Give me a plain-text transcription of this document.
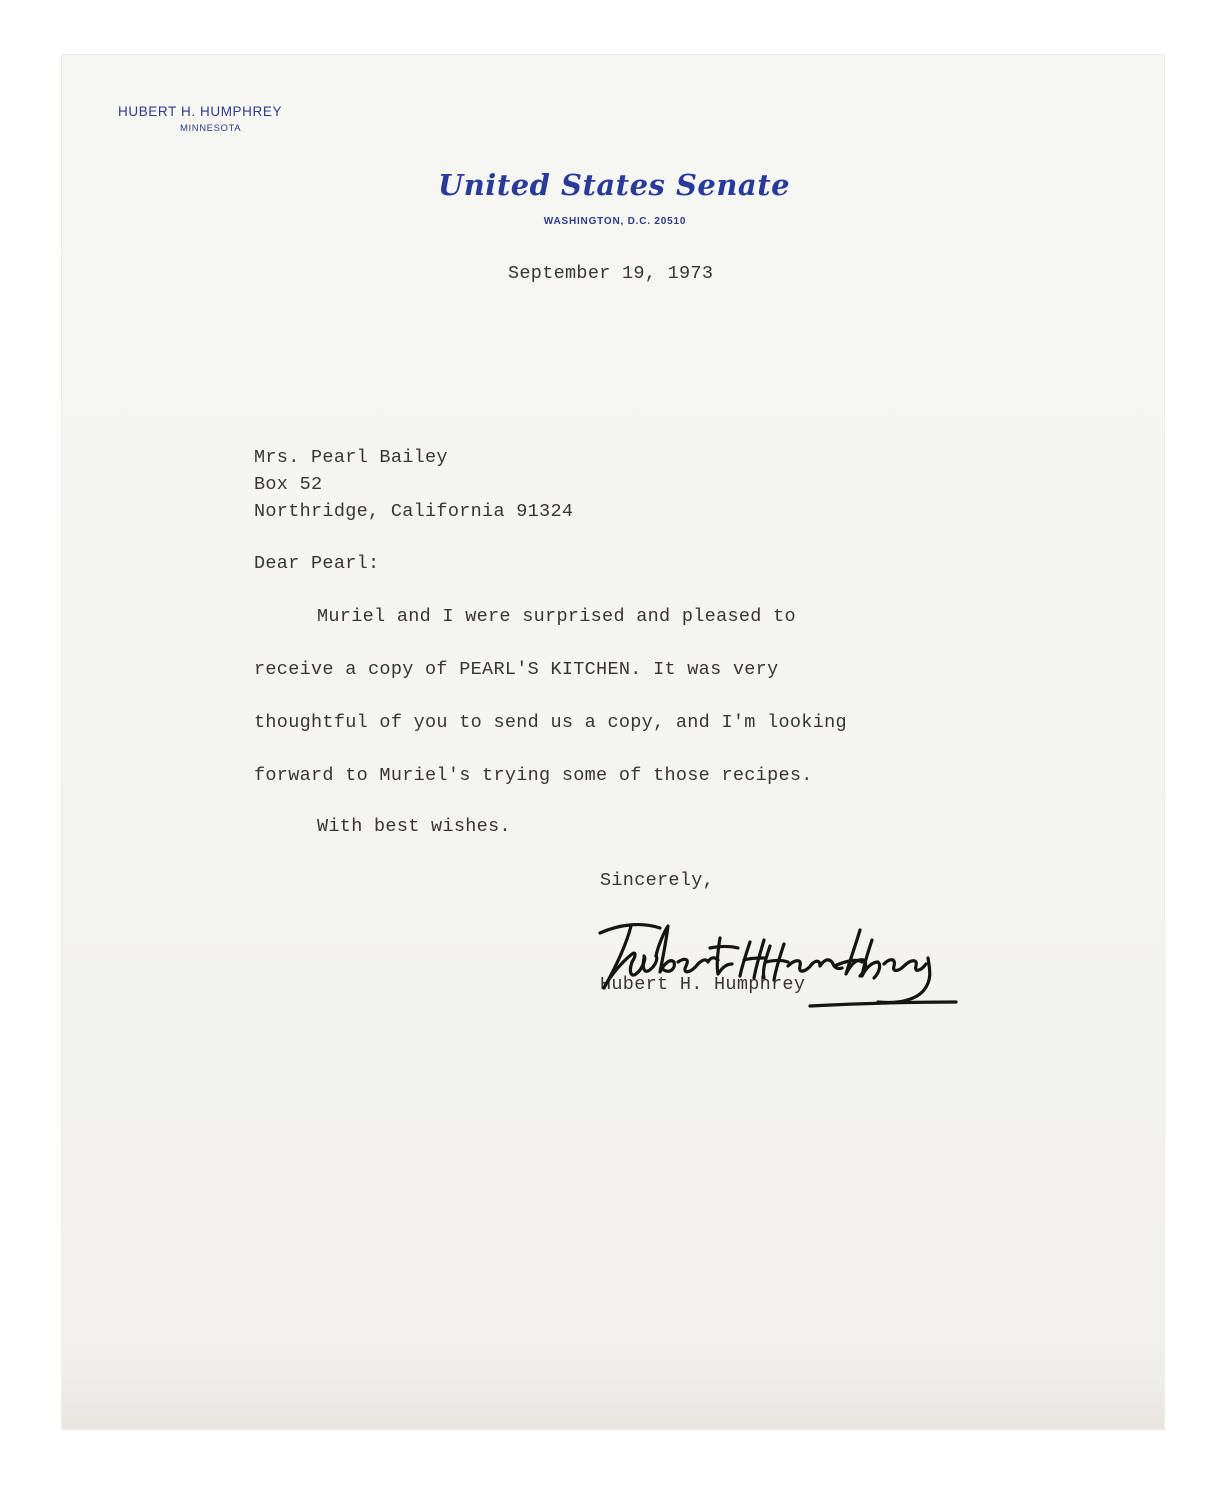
HUBERT H. HUMPHREY
MINNESOTA
United States Senate
WASHINGTON, D.C. 20510
September 19, 1973
Mrs. Pearl Bailey
Box 52
Northridge, California 91324
Dear Pearl:
Muriel and I were surprised and pleased to
receive a copy of PEARL'S KITCHEN. It was very
thoughtful of you to send us a copy, and I'm looking
forward to Muriel's trying some of those recipes.
With best wishes.
Sincerely,
Hubert H. Humphrey
